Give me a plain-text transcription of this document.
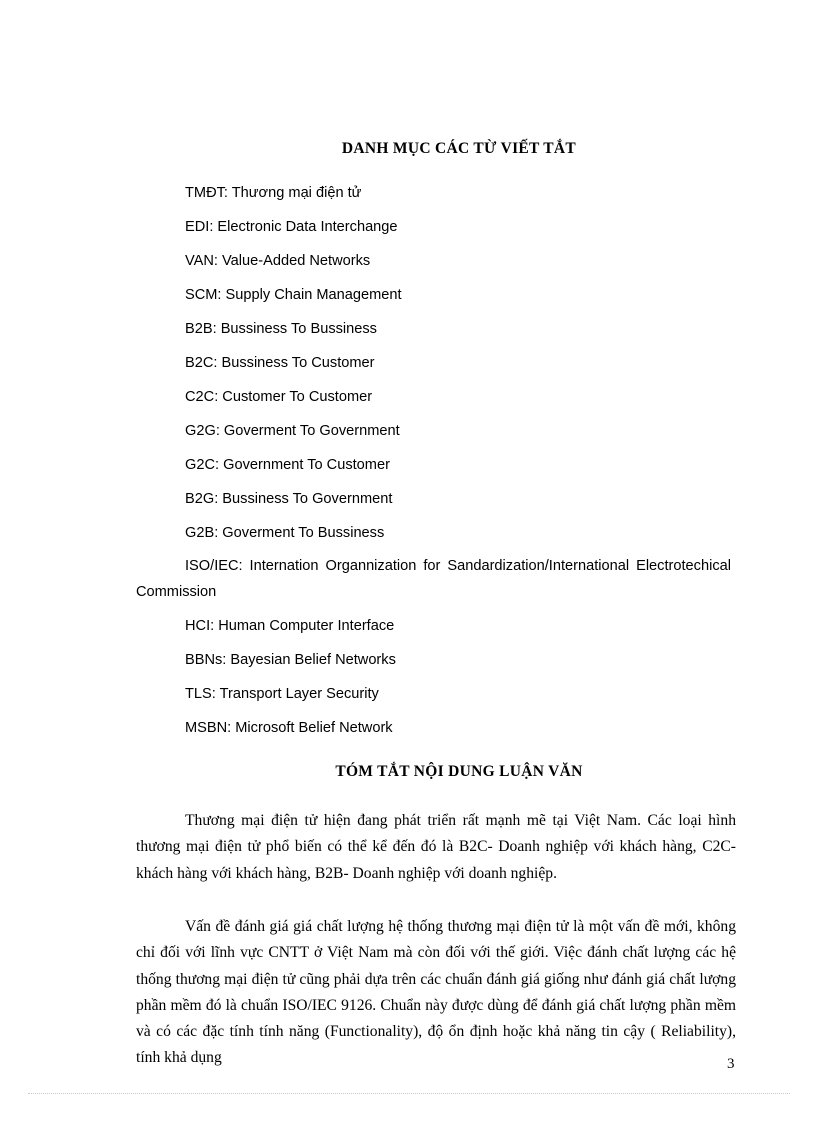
DANH MỤC CÁC TỪ VIẾT TẮT
TMĐT: Thương mại điện tử
EDI: Electronic Data Interchange
VAN: Value-Added Networks
SCM: Supply Chain Management
B2B: Bussiness To Bussiness
B2C: Bussiness To Customer
C2C: Customer To Customer
G2G: Goverment To Government
G2C: Government To Customer
B2G: Bussiness To Government
G2B: Goverment To Bussiness
ISO/IEC: Internation Organnization for Sandardization/International Electrotechical Commission
HCI: Human Computer Interface
BBNs: Bayesian Belief Networks
TLS: Transport Layer Security
MSBN: Microsoft Belief Network
TÓM TẮT NỘI DUNG LUẬN VĂN

Thương mại điện tử hiện đang phát triển rất mạnh mẽ tại Việt Nam. Các loại hình thương mại điện tử phổ biến có thể kể đến đó là B2C- Doanh nghiệp với khách hàng, C2C-khách hàng với khách hàng, B2B- Doanh nghiệp với doanh nghiệp.

Vấn đề đánh giá giá chất lượng hệ thống thương mại điện tử là một vấn đề mới, không chỉ đối với lĩnh vực CNTT ở Việt Nam mà còn đối với thế giới. Việc đánh chất lượng các hệ thống thương mại điện tử cũng phải dựa trên các chuẩn đánh giá giống như đánh giá chất lượng phần mềm đó là chuẩn ISO/IEC 9126. Chuẩn này được dùng để đánh giá chất lượng phần mềm và có các đặc tính tính năng (Functionality), độ ổn định hoặc khả năng tin cậy ( Reliability), tính khả dụng	3
